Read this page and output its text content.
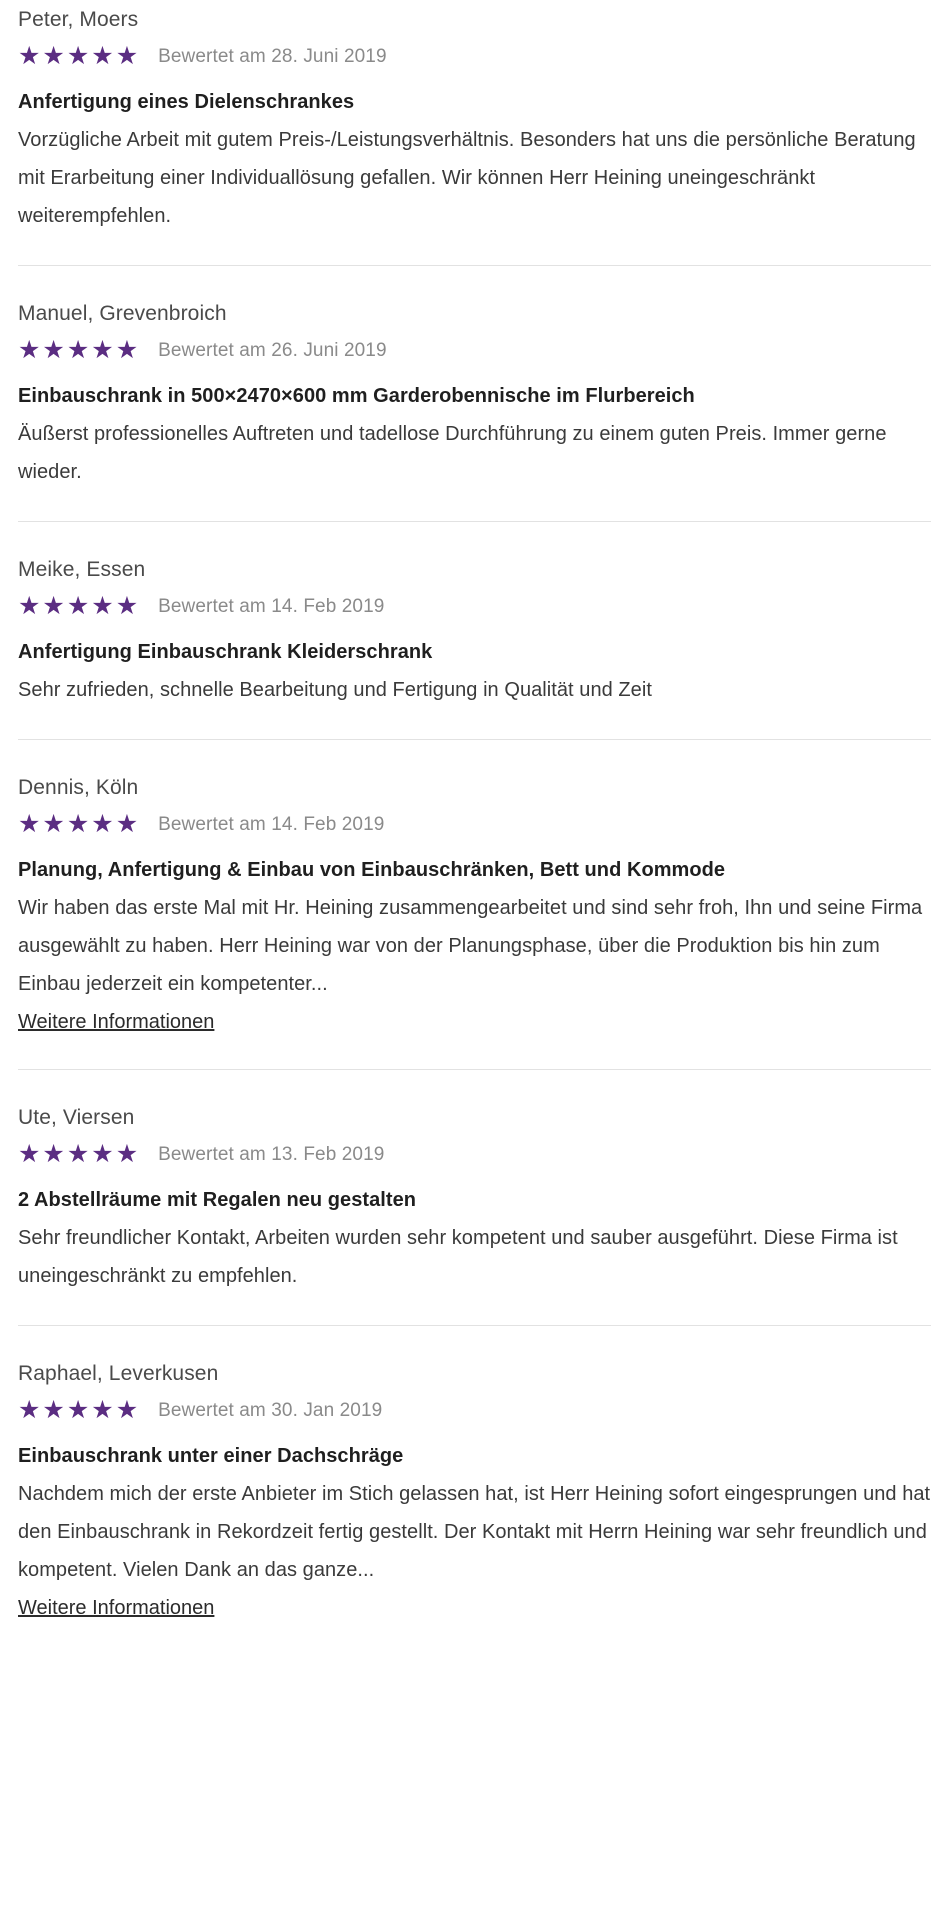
Peter, Moers
★ ★ ★ ★ ★ Bewertet am 28. Juni 2019
Anfertigung eines Dielenschrankes
Vorzügliche Arbeit mit gutem Preis-/Leistungsverhältnis. Besonders hat uns die persönliche Beratung mit Erarbeitung einer Individuallösung gefallen. Wir können Herr Heining uneingeschränkt weiterempfehlen.
Manuel, Grevenbroich
★ ★ ★ ★ ★ Bewertet am 26. Juni 2019
Einbauschrank in 500×2470×600 mm Garderobennische im Flurbereich
Äußerst professionelles Auftreten und tadellose Durchführung zu einem guten Preis. Immer gerne wieder.
Meike, Essen
★ ★ ★ ★ ★ Bewertet am 14. Feb 2019
Anfertigung Einbauschrank Kleiderschrank
Sehr zufrieden, schnelle Bearbeitung und Fertigung in Qualität und Zeit
Dennis, Köln
★ ★ ★ ★ ★ Bewertet am 14. Feb 2019
Planung, Anfertigung & Einbau von Einbauschränken, Bett und Kommode
Wir haben das erste Mal mit Hr. Heining zusammengearbeitet und sind sehr froh, Ihn und seine Firma ausgewählt zu haben. Herr Heining war von der Planungsphase, über die Produktion bis hin zum Einbau jederzeit ein kompetenter...
Weitere Informationen
Ute, Viersen
★ ★ ★ ★ ★ Bewertet am 13. Feb 2019
2 Abstellräume mit Regalen neu gestalten
Sehr freundlicher Kontakt, Arbeiten wurden sehr kompetent und sauber ausgeführt. Diese Firma ist uneingeschränkt zu empfehlen.
Raphael, Leverkusen
★ ★ ★ ★ ★ Bewertet am 30. Jan 2019
Einbauschrank unter einer Dachschräge
Nachdem mich der erste Anbieter im Stich gelassen hat, ist Herr Heining sofort eingesprungen und hat den Einbauschrank in Rekordzeit fertig gestellt. Der Kontakt mit Herrn Heining war sehr freundlich und kompetent. Vielen Dank an das ganze...
Weitere Informationen
